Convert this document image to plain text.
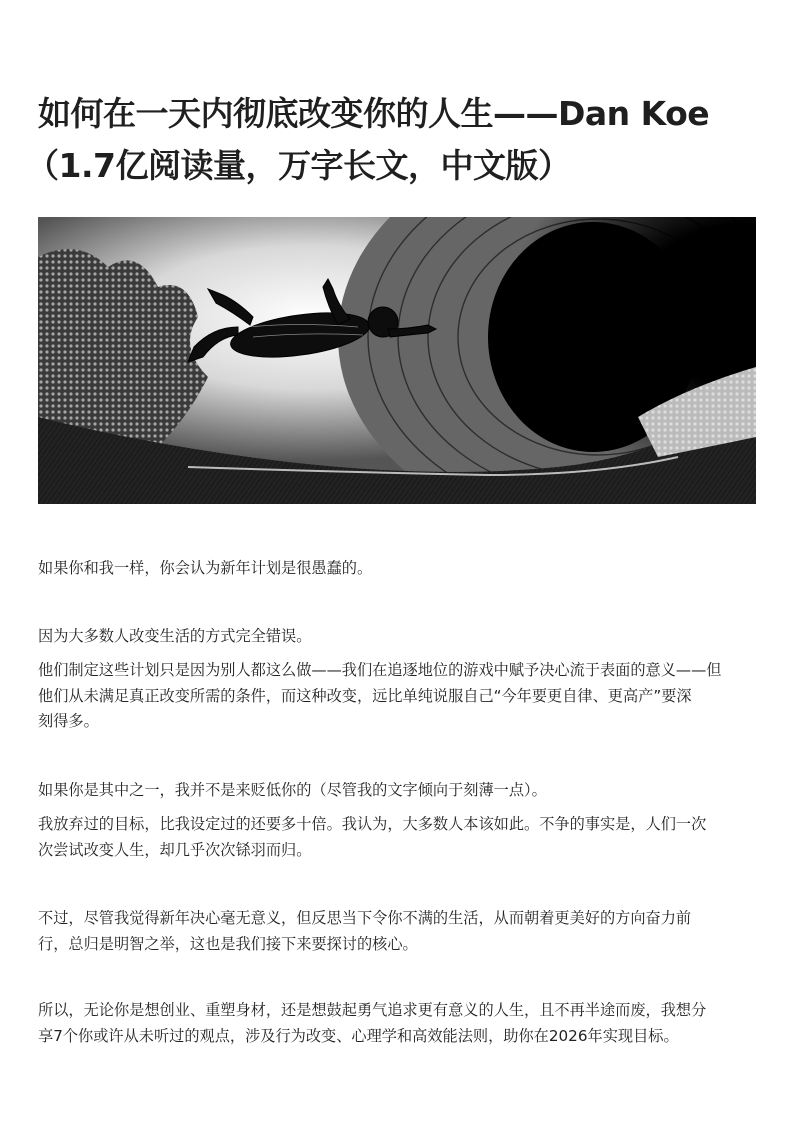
如何在一天内彻底改变你的人生——Dan Koe
（1.7亿阅读量，万字长文，中文版）

如果你和我一样，你会认为新年计划是很愚蠢的。

因为大多数人改变生活的方式完全错误。

他们制定这些计划只是因为别人都这么做——我们在追逐地位的游戏中赋予决心流于表面的意义——但
他们从未满足真正改变所需的条件，而这种改变，远比单纯说服自己“今年要更自律、更高产”要深
刻得多。

如果你是其中之一，我并不是来贬低你的（尽管我的文字倾向于刻薄一点）。

我放弃过的目标，比我设定过的还要多十倍。我认为，大多数人本该如此。不争的事实是，人们一次
次尝试改变人生，却几乎次次铩羽而归。

不过，尽管我觉得新年决心毫无意义，但反思当下令你不满的生活，从而朝着更美好的方向奋力前
行，总归是明智之举，这也是我们接下来要探讨的核心。

所以，无论你是想创业、重塑身材，还是想鼓起勇气追求更有意义的人生，且不再半途而废，我想分
享7个你或许从未听过的观点，涉及行为改变、心理学和高效能法则，助你在2026年实现目标。
